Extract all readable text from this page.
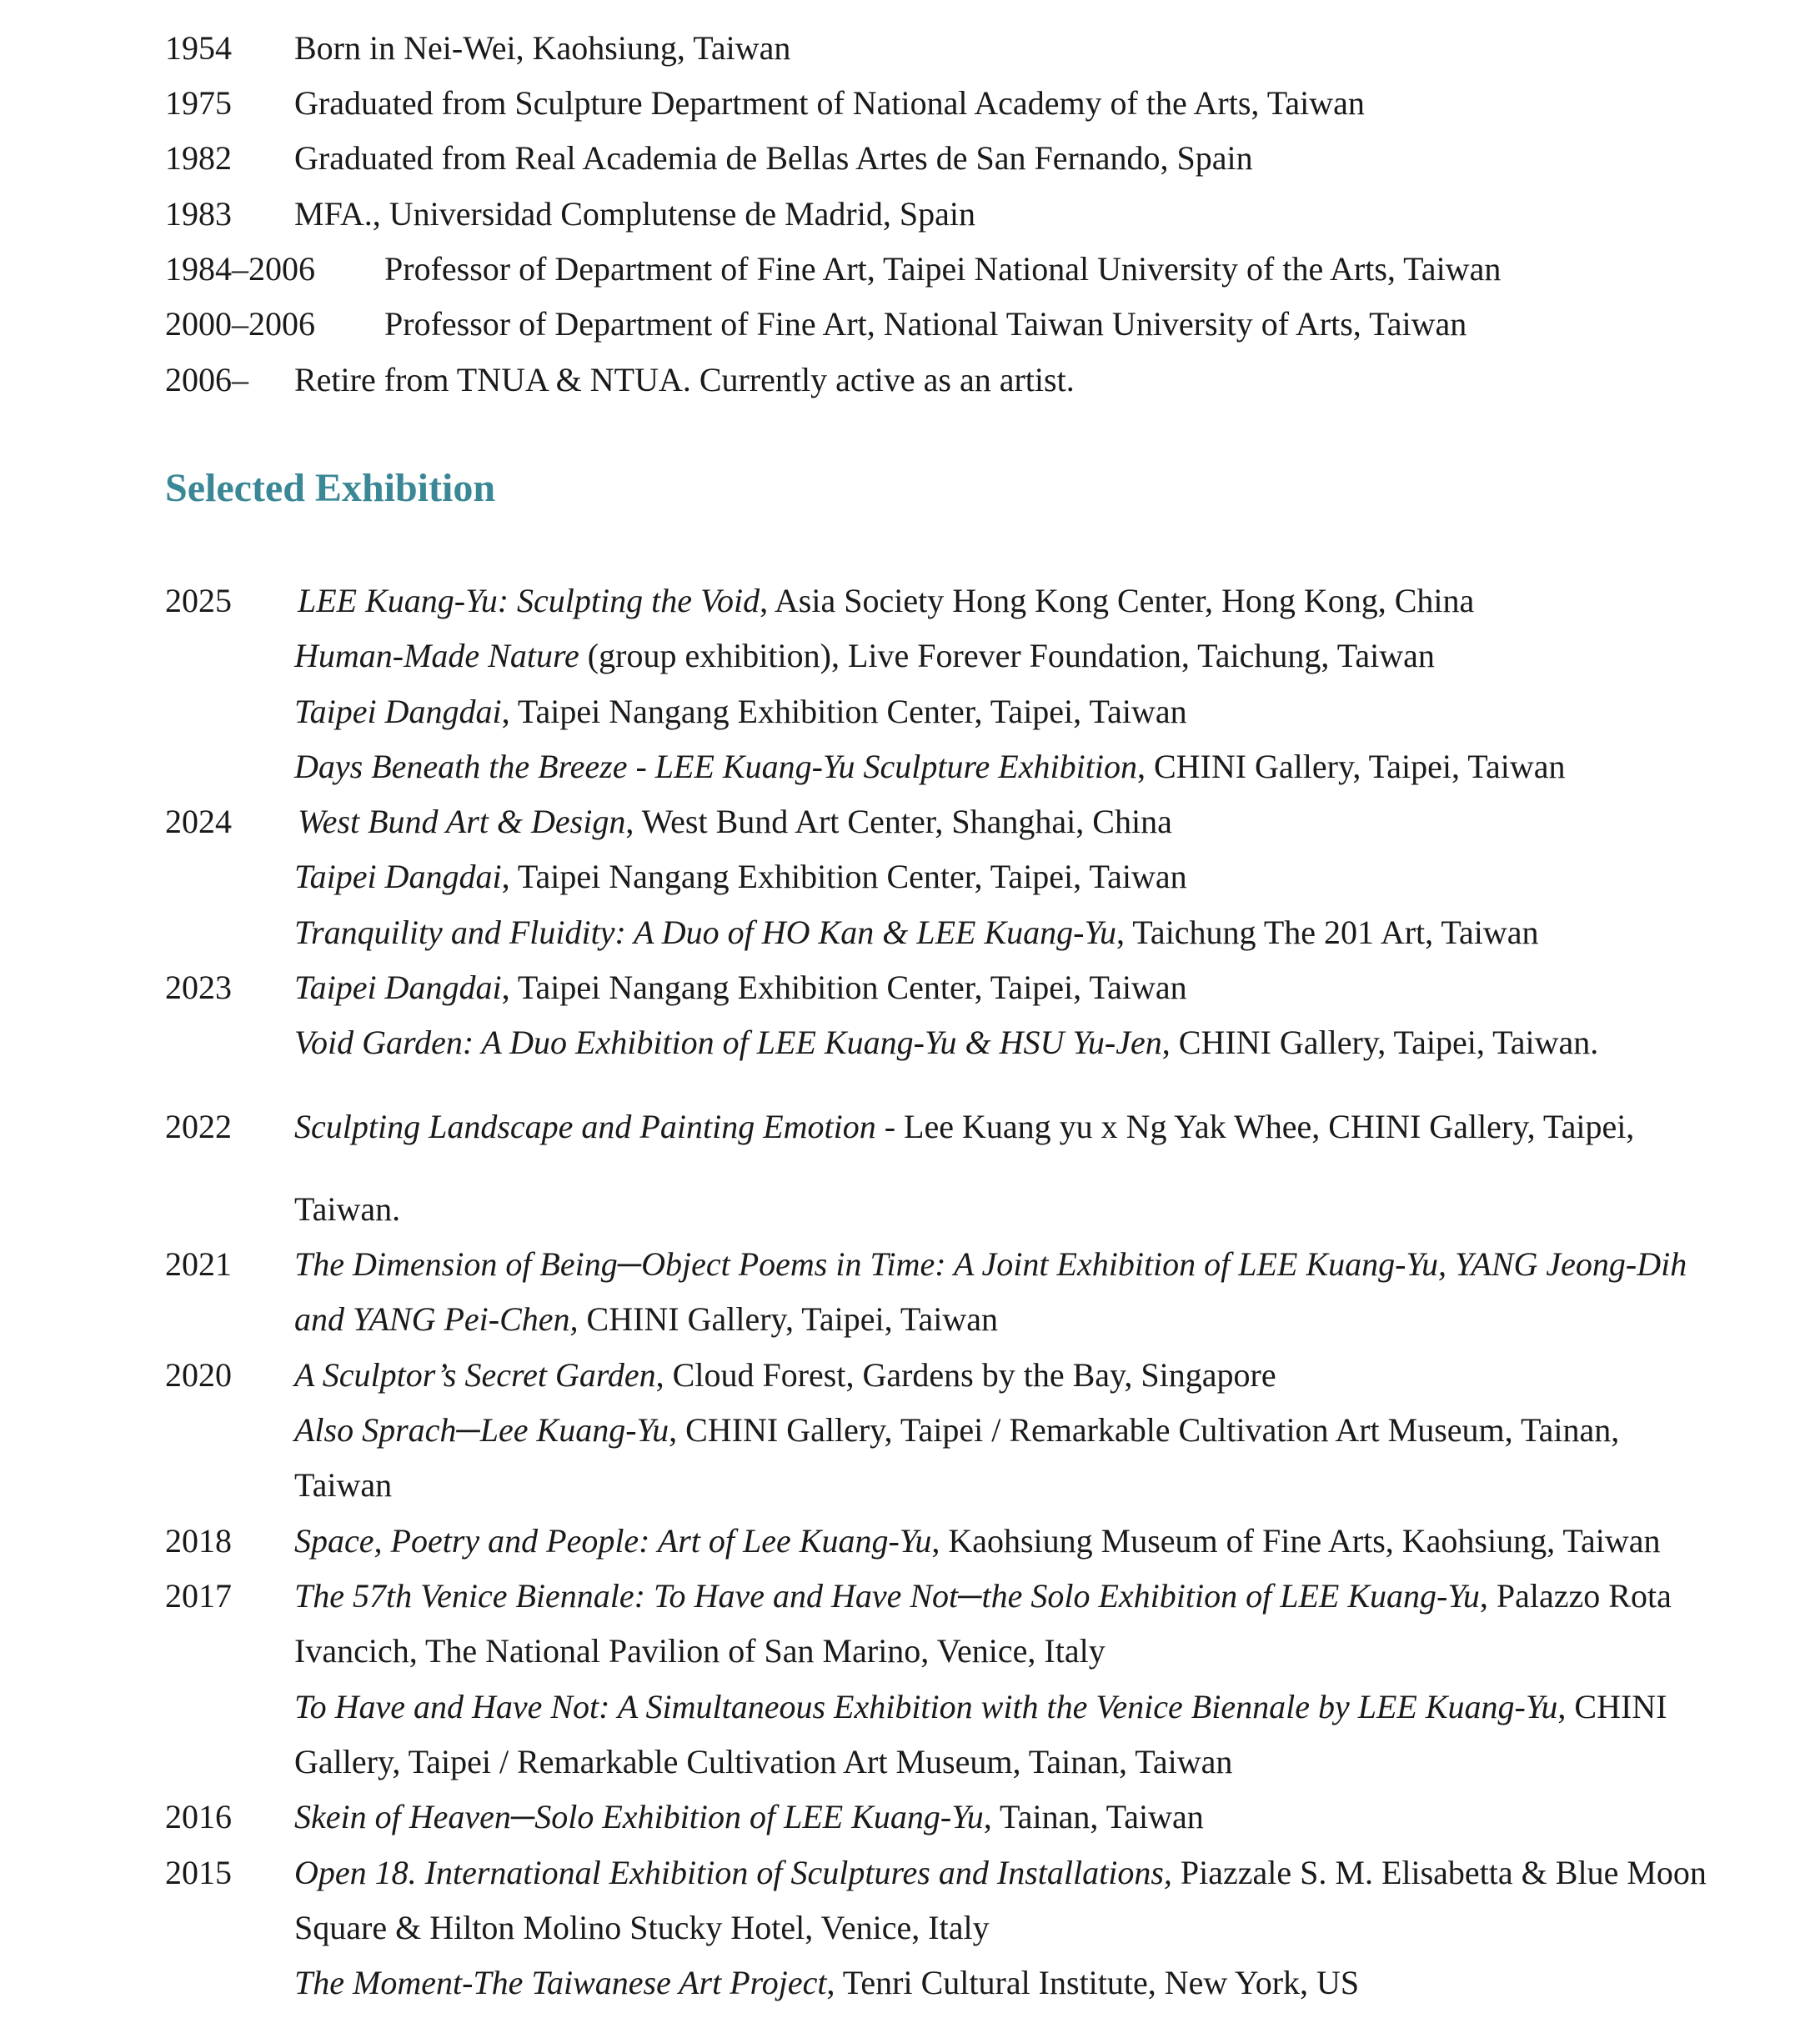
1954 Born in Nei-Wei, Kaohsiung, Taiwan
1975 Graduated from Sculpture Department of National Academy of the Arts, Taiwan
1982 Graduated from Real Academia de Bellas Artes de San Fernando, Spain
1983 MFA., Universidad Complutense de Madrid, Spain
1984–2006 Professor of Department of Fine Art, Taipei National University of the Arts, Taiwan
2000–2006 Professor of Department of Fine Art, National Taiwan University of Arts, Taiwan
2006– Retire from TNUA & NTUA. Currently active as an artist.
Selected Exhibition
2025 LEE Kuang-Yu: Sculpting the Void, Asia Society Hong Kong Center, Hong Kong, China
Human-Made Nature (group exhibition), Live Forever Foundation, Taichung, Taiwan
Taipei Dangdai, Taipei Nangang Exhibition Center, Taipei, Taiwan
Days Beneath the Breeze - LEE Kuang-Yu Sculpture Exhibition, CHINI Gallery, Taipei, Taiwan
2024 West Bund Art & Design, West Bund Art Center, Shanghai, China
Taipei Dangdai, Taipei Nangang Exhibition Center, Taipei, Taiwan
Tranquility and Fluidity: A Duo of HO Kan & LEE Kuang-Yu, Taichung The 201 Art, Taiwan
2023 Taipei Dangdai, Taipei Nangang Exhibition Center, Taipei, Taiwan
Void Garden: A Duo Exhibition of LEE Kuang-Yu & HSU Yu-Jen, CHINI Gallery, Taipei, Taiwan.
2022 Sculpting Landscape and Painting Emotion - Lee Kuang yu x Ng Yak Whee, CHINI Gallery, Taipei,
Taiwan.
2021 The Dimension of Being─Object Poems in Time: A Joint Exhibition of LEE Kuang-Yu, YANG Jeong-Dih
and YANG Pei-Chen, CHINI Gallery, Taipei, Taiwan
2020 A Sculptor’s Secret Garden, Cloud Forest, Gardens by the Bay, Singapore
Also Sprach─Lee Kuang-Yu, CHINI Gallery, Taipei / Remarkable Cultivation Art Museum, Tainan,
Taiwan
2018 Space, Poetry and People: Art of Lee Kuang-Yu, Kaohsiung Museum of Fine Arts, Kaohsiung, Taiwan
2017 The 57th Venice Biennale: To Have and Have Not─the Solo Exhibition of LEE Kuang-Yu, Palazzo Rota
Ivancich, The National Pavilion of San Marino, Venice, Italy
To Have and Have Not: A Simultaneous Exhibition with the Venice Biennale by LEE Kuang-Yu, CHINI
Gallery, Taipei / Remarkable Cultivation Art Museum, Tainan, Taiwan
2016 Skein of Heaven─Solo Exhibition of LEE Kuang-Yu, Tainan, Taiwan
2015 Open 18. International Exhibition of Sculptures and Installations, Piazzale S. M. Elisabetta & Blue Moon
Square & Hilton Molino Stucky Hotel, Venice, Italy
The Moment-The Taiwanese Art Project, Tenri Cultural Institute, New York, US
